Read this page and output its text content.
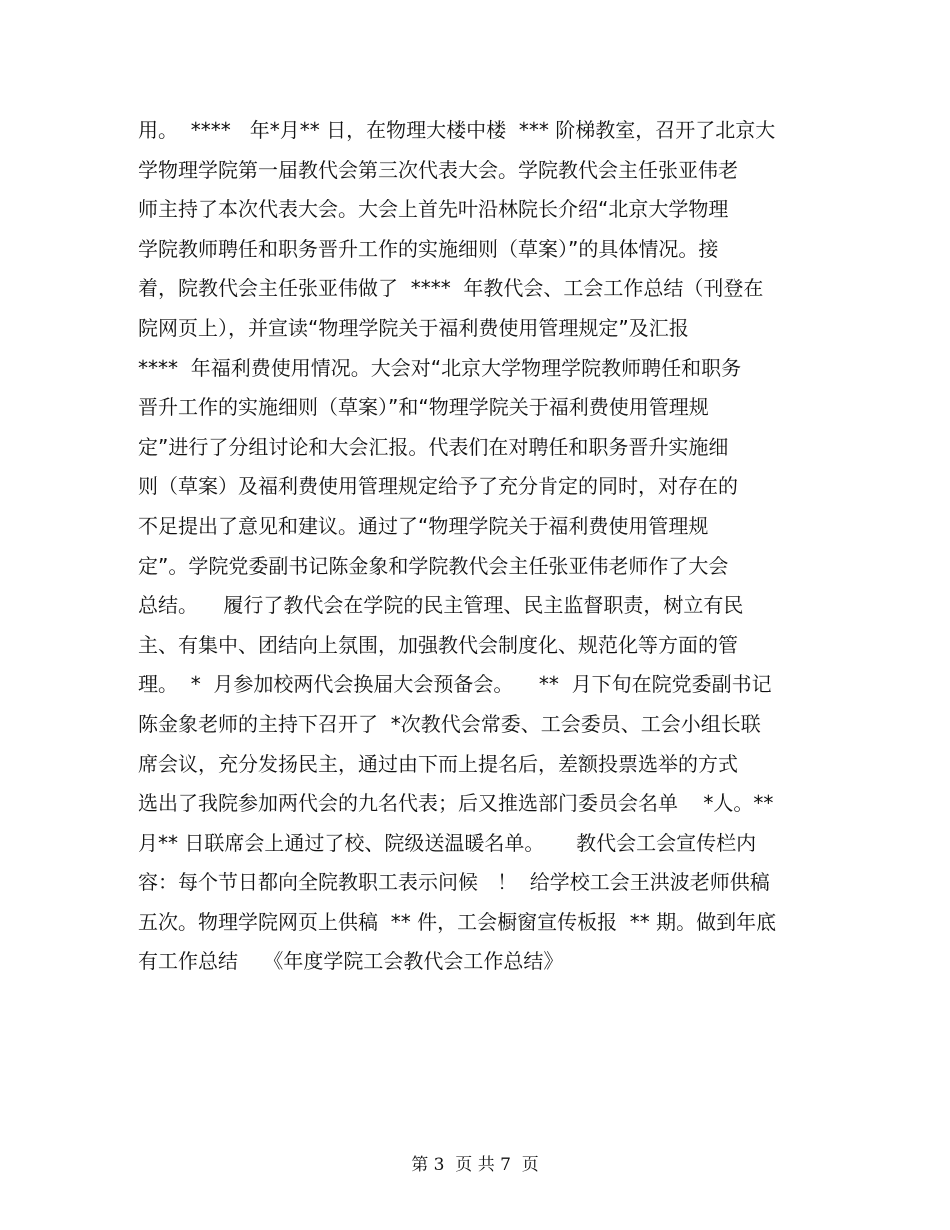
用。  ****   年*月** 日，在物理大楼中楼  *** 阶梯教室，召开了北京大
学物理学院第一届教代会第三次代表大会。学院教代会主任张亚伟老
师主持了本次代表大会。大会上首先叶沿林院长介绍“北京大学物理
学院教师聘任和职务晋升工作的实施细则（草案）”的具体情况。接
着，院教代会主任张亚伟做了  ****  年教代会、工会工作总结（刊登在
院网页上），并宣读“物理学院关于福利费使用管理规定”及汇报
****  年福利费使用情况。大会对“北京大学物理学院教师聘任和职务
晋升工作的实施细则（草案）”和“物理学院关于福利费使用管理规
定”进行了分组讨论和大会汇报。代表们在对聘任和职务晋升实施细
则（草案）及福利费使用管理规定给予了充分肯定的同时，对存在的
不足提出了意见和建议。通过了“物理学院关于福利费使用管理规
定”。学院党委副书记陈金象和学院教代会主任张亚伟老师作了大会
总结。    履行了教代会在学院的民主管理、民主监督职责，树立有民
主、有集中、团结向上氛围，加强教代会制度化、规范化等方面的管
理。  *  月参加校两代会换届大会预备会。    **  月下旬在院党委副书记
陈金象老师的主持下召开了  *次教代会常委、工会委员、工会小组长联
席会议，充分发扬民主，通过由下而上提名后，差额投票选举的方式
选出了我院参加两代会的九名代表；后又推选部门委员会名单    *人。**
月** 日联席会上通过了校、院级送温暖名单。     教代会工会宣传栏内
容：每个节日都向全院教职工表示问候   ！  给学校工会王洪波老师供稿
五次。物理学院网页上供稿  ** 件，工会橱窗宣传板报  ** 期。做到年底
有工作总结    《年度学院工会教代会工作总结》
第 3  页 共 7  页
